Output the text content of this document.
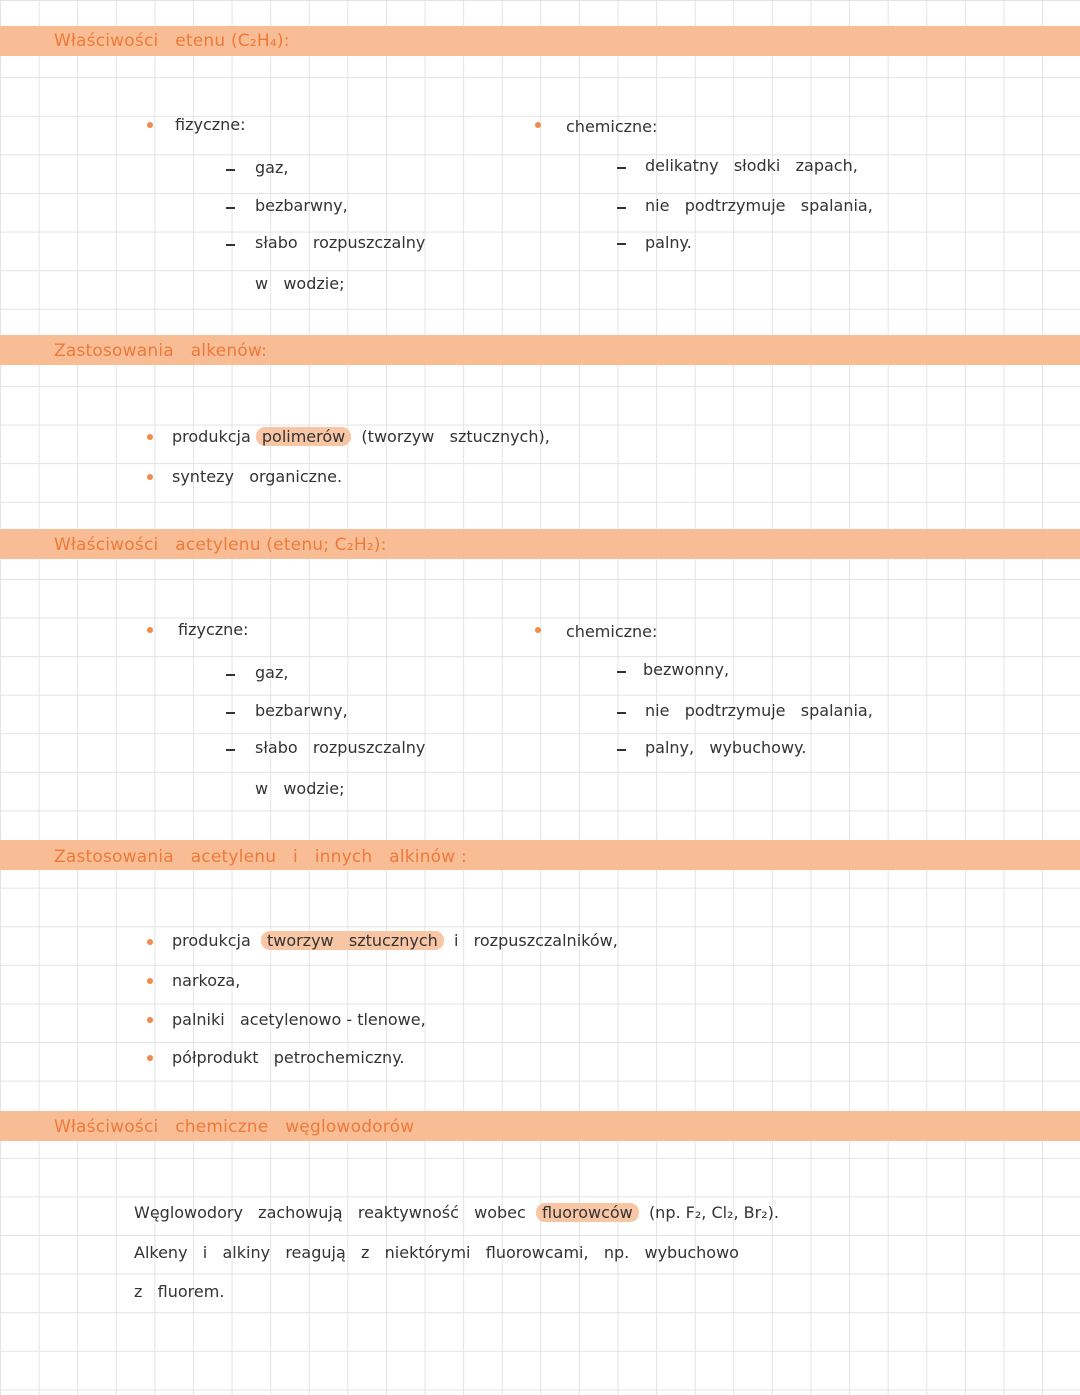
Właściwości   etenu (C₂H₄):
fizyczne:
gaz,
bezbarwny,
słabo   rozpuszczalny
w   wodzie;
chemiczne:
delikatny   słodki   zapach,
nie   podtrzymuje   spalania,
palny.
Zastosowania   alkenów:
produkcja polimerów  (tworzyw   sztucznych),
syntezy   organiczne.
Właściwości   acetylenu (etenu; C₂H₂):
fizyczne:
gaz,
bezbarwny,
słabo   rozpuszczalny
w   wodzie;
chemiczne:
bezwonny,
nie   podtrzymuje   spalania,
palny,   wybuchowy.
Zastosowania   acetylenu   i   innych   alkinów :
produkcja  tworzyw   sztucznych  i   rozpuszczalników,
narkoza,
palniki   acetylenowo - tlenowe,
półprodukt   petrochemiczny.
Właściwości   chemiczne   węglowodorów
Węglowodory   zachowują   reaktywność   wobec  fluorowców  (np. F₂, Cl₂, Br₂).
Alkeny   i   alkiny   reagują   z   niektórymi   fluorowcami,   np.   wybuchowo
z   fluorem.
